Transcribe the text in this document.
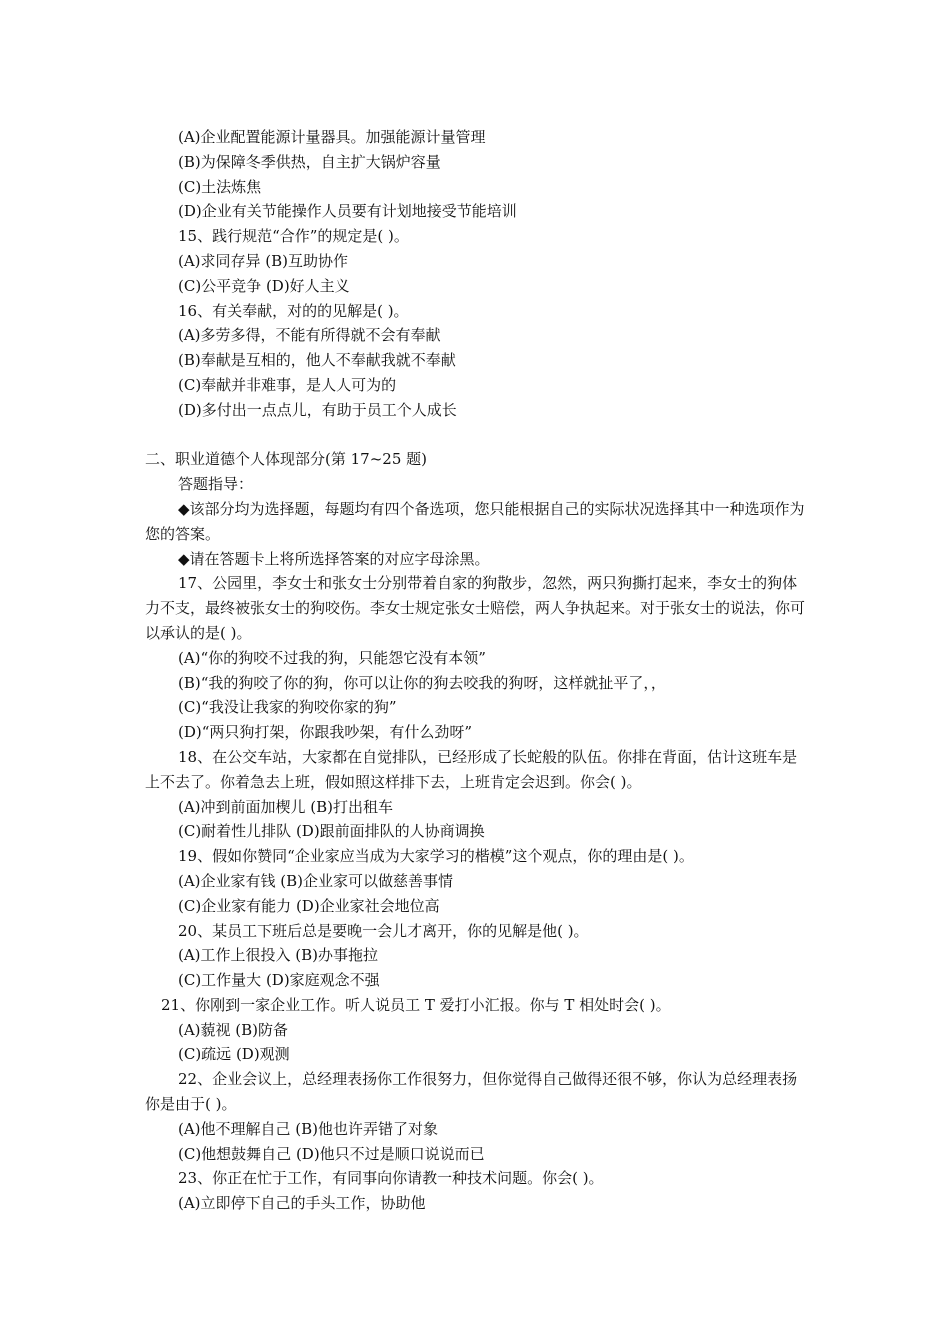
(A)企业配置能源计量器具。加强能源计量管理
(B)为保障冬季供热，自主扩大锅炉容量
(C)土法炼焦
(D)企业有关节能操作人员要有计划地接受节能培训
15、践行规范“合作”的规定是( )。
(A)求同存异 (B)互助协作
(C)公平竞争 (D)好人主义
16、有关奉献，对的的见解是( )。
(A)多劳多得，不能有所得就不会有奉献
(B)奉献是互相的，他人不奉献我就不奉献
(C)奉献并非难事，是人人可为的
(D)多付出一点点儿，有助于员工个人成长
二、职业道德个人体现部分(第 17~25 题)
答题指导：
◆该部分均为选择题，每题均有四个备选项，您只能根据自己的实际状况选择其中一种选项作为您的答案。
◆请在答题卡上将所选择答案的对应字母涂黑。
17、公园里，李女士和张女士分别带着自家的狗散步，忽然，两只狗撕打起来，李女士的狗体力不支，最终被张女士的狗咬伤。李女士规定张女士赔偿，两人争执起来。对于张女士的说法，你可以承认的是( )。
(A)“你的狗咬不过我的狗，只能怨它没有本领”
(B)“我的狗咬了你的狗，你可以让你的狗去咬我的狗呀，这样就扯平了，，
(C)“我没让我家的狗咬你家的狗”
(D)“两只狗打架，你跟我吵架，有什么劲呀”
18、在公交车站，大家都在自觉排队，已经形成了长蛇般的队伍。你排在背面，估计这班车是上不去了。你着急去上班，假如照这样排下去，上班肯定会迟到。你会( )。
(A)冲到前面加楔儿 (B)打出租车
(C)耐着性儿排队 (D)跟前面排队的人协商调换
19、假如你赞同“企业家应当成为大家学习的楷模”这个观点，你的理由是( )。
(A)企业家有钱 (B)企业家可以做慈善事情
(C)企业家有能力 (D)企业家社会地位高
20、某员工下班后总是要晚一会儿才离开，你的见解是他( )。
(A)工作上很投入 (B)办事拖拉
(C)工作量大 (D)家庭观念不强
21、你刚到一家企业工作。听人说员工 T 爱打小汇报。你与 T 相处时会( )。
(A)藐视 (B)防备
(C)疏远 (D)观测
22、企业会议上，总经理表扬你工作很努力，但你觉得自己做得还很不够，你认为总经理表扬你是由于( )。
(A)他不理解自己 (B)他也许弄错了对象
(C)他想鼓舞自己 (D)他只不过是顺口说说而已
23、你正在忙于工作，有同事向你请教一种技术问题。你会( )。
(A)立即停下自己的手头工作，协助他
